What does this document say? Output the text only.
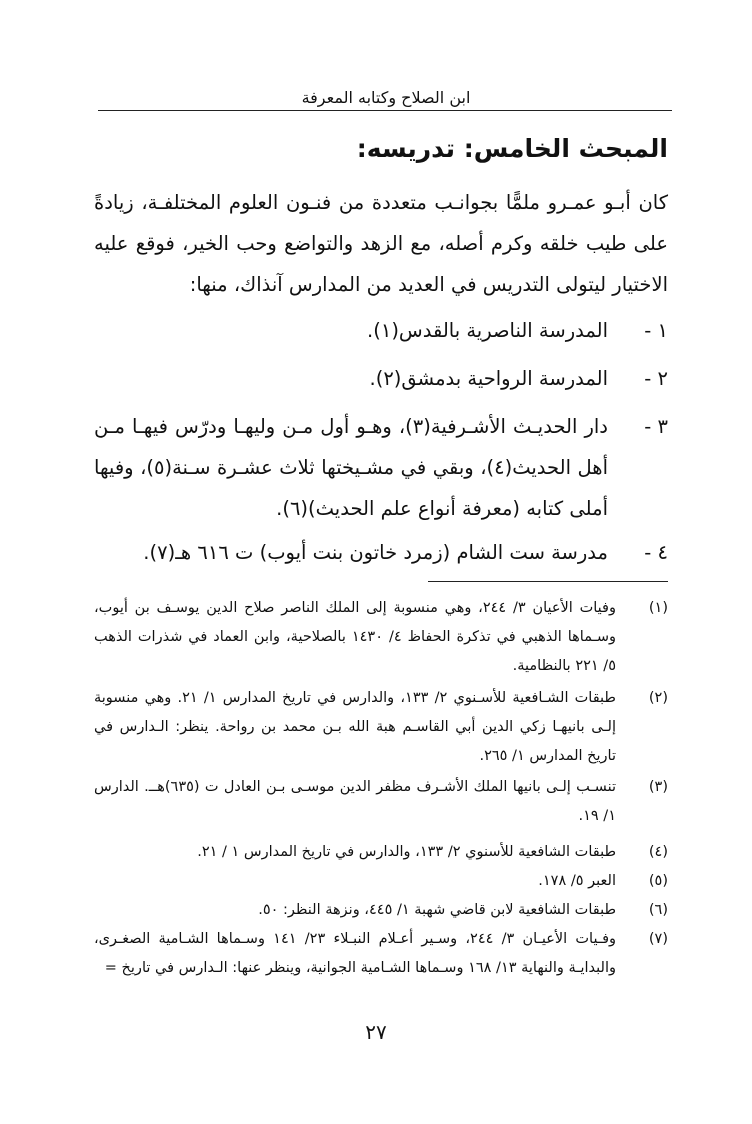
ابن الصلاح وكتابه المعرفة
المبحث الخامس: تدريسه:
كان أبـو عمـرو ملمًّا بجوانـب متعددة من فنـون العلوم المختلفـة، زيادةً على طيب خلقه وكرم أصله، مع الزهد والتواضع وحب الخير، فوقع عليه الاختيار ليتولى التدريس في العديد من المدارس آنذاك، منها:
١ -
المدرسة الناصرية بالقدس(١).
٢ -
المدرسة الرواحية بدمشق(٢).
٣ -
دار الحديـث الأشـرفية(٣)، وهـو أول مـن وليهـا ودرّس فيهـا مـن أهل الحديث(٤)، وبقي في مشـيختها ثلاث عشـرة سـنة(٥)، وفيها أملى كتابه (معرفة أنواع علم الحديث)(٦).
٤ -
مدرسة ست الشام (زمرد خاتون بنت أيوب) ت ٦١٦ هـ(٧).
(١)
وفيات الأعيان ٣/ ٢٤٤، وهي منسوبة إلى الملك الناصر صلاح الدين يوسـف بن أيوب، وسـماها الذهبي في تذكرة الحفاظ ٤/ ١٤٣٠ بالصلاحية، وابن العماد في شذرات الذهب ٥/ ٢٢١ بالنظامية.
(٢)
طبقات الشـافعية للأسـنوي ٢/ ١٣٣، والدارس في تاريخ المدارس ١/ ٢١. وهي منسوبة إلـى بانيهـا زكي الدين أبي القاسـم هبة الله بـن محمد بن رواحة. ينظر: الـدارس في تاريخ المدارس ١/ ٢٦٥.
(٣)
تنسـب إلـى بانيها الملك الأشـرف مظفر الدين موسـى بـن العادل ت (٦٣٥)هــ. الدارس ١/ ١٩.
(٤)
طبقات الشافعية للأسنوي ٢/ ١٣٣، والدارس في تاريخ المدارس ١ / ٢١.
(٥)
العبر ٥/ ١٧٨.
(٦)
طبقات الشافعية لابن قاضي شهبة ١/ ٤٤٥، ونزهة النظر: ٥٠.
(٧)
وفـيات الأعيـان ٣/ ٢٤٤، وسـير أعـلام النبـلاء ٢٣/ ١٤١ وسـماها الشـامية الصغـرى، والبدايـة والنهاية ١٣/ ١٦٨ وسـماها الشـامية الجوانية، وينظر عنها: الـدارس في تاريخ =
٢٧
